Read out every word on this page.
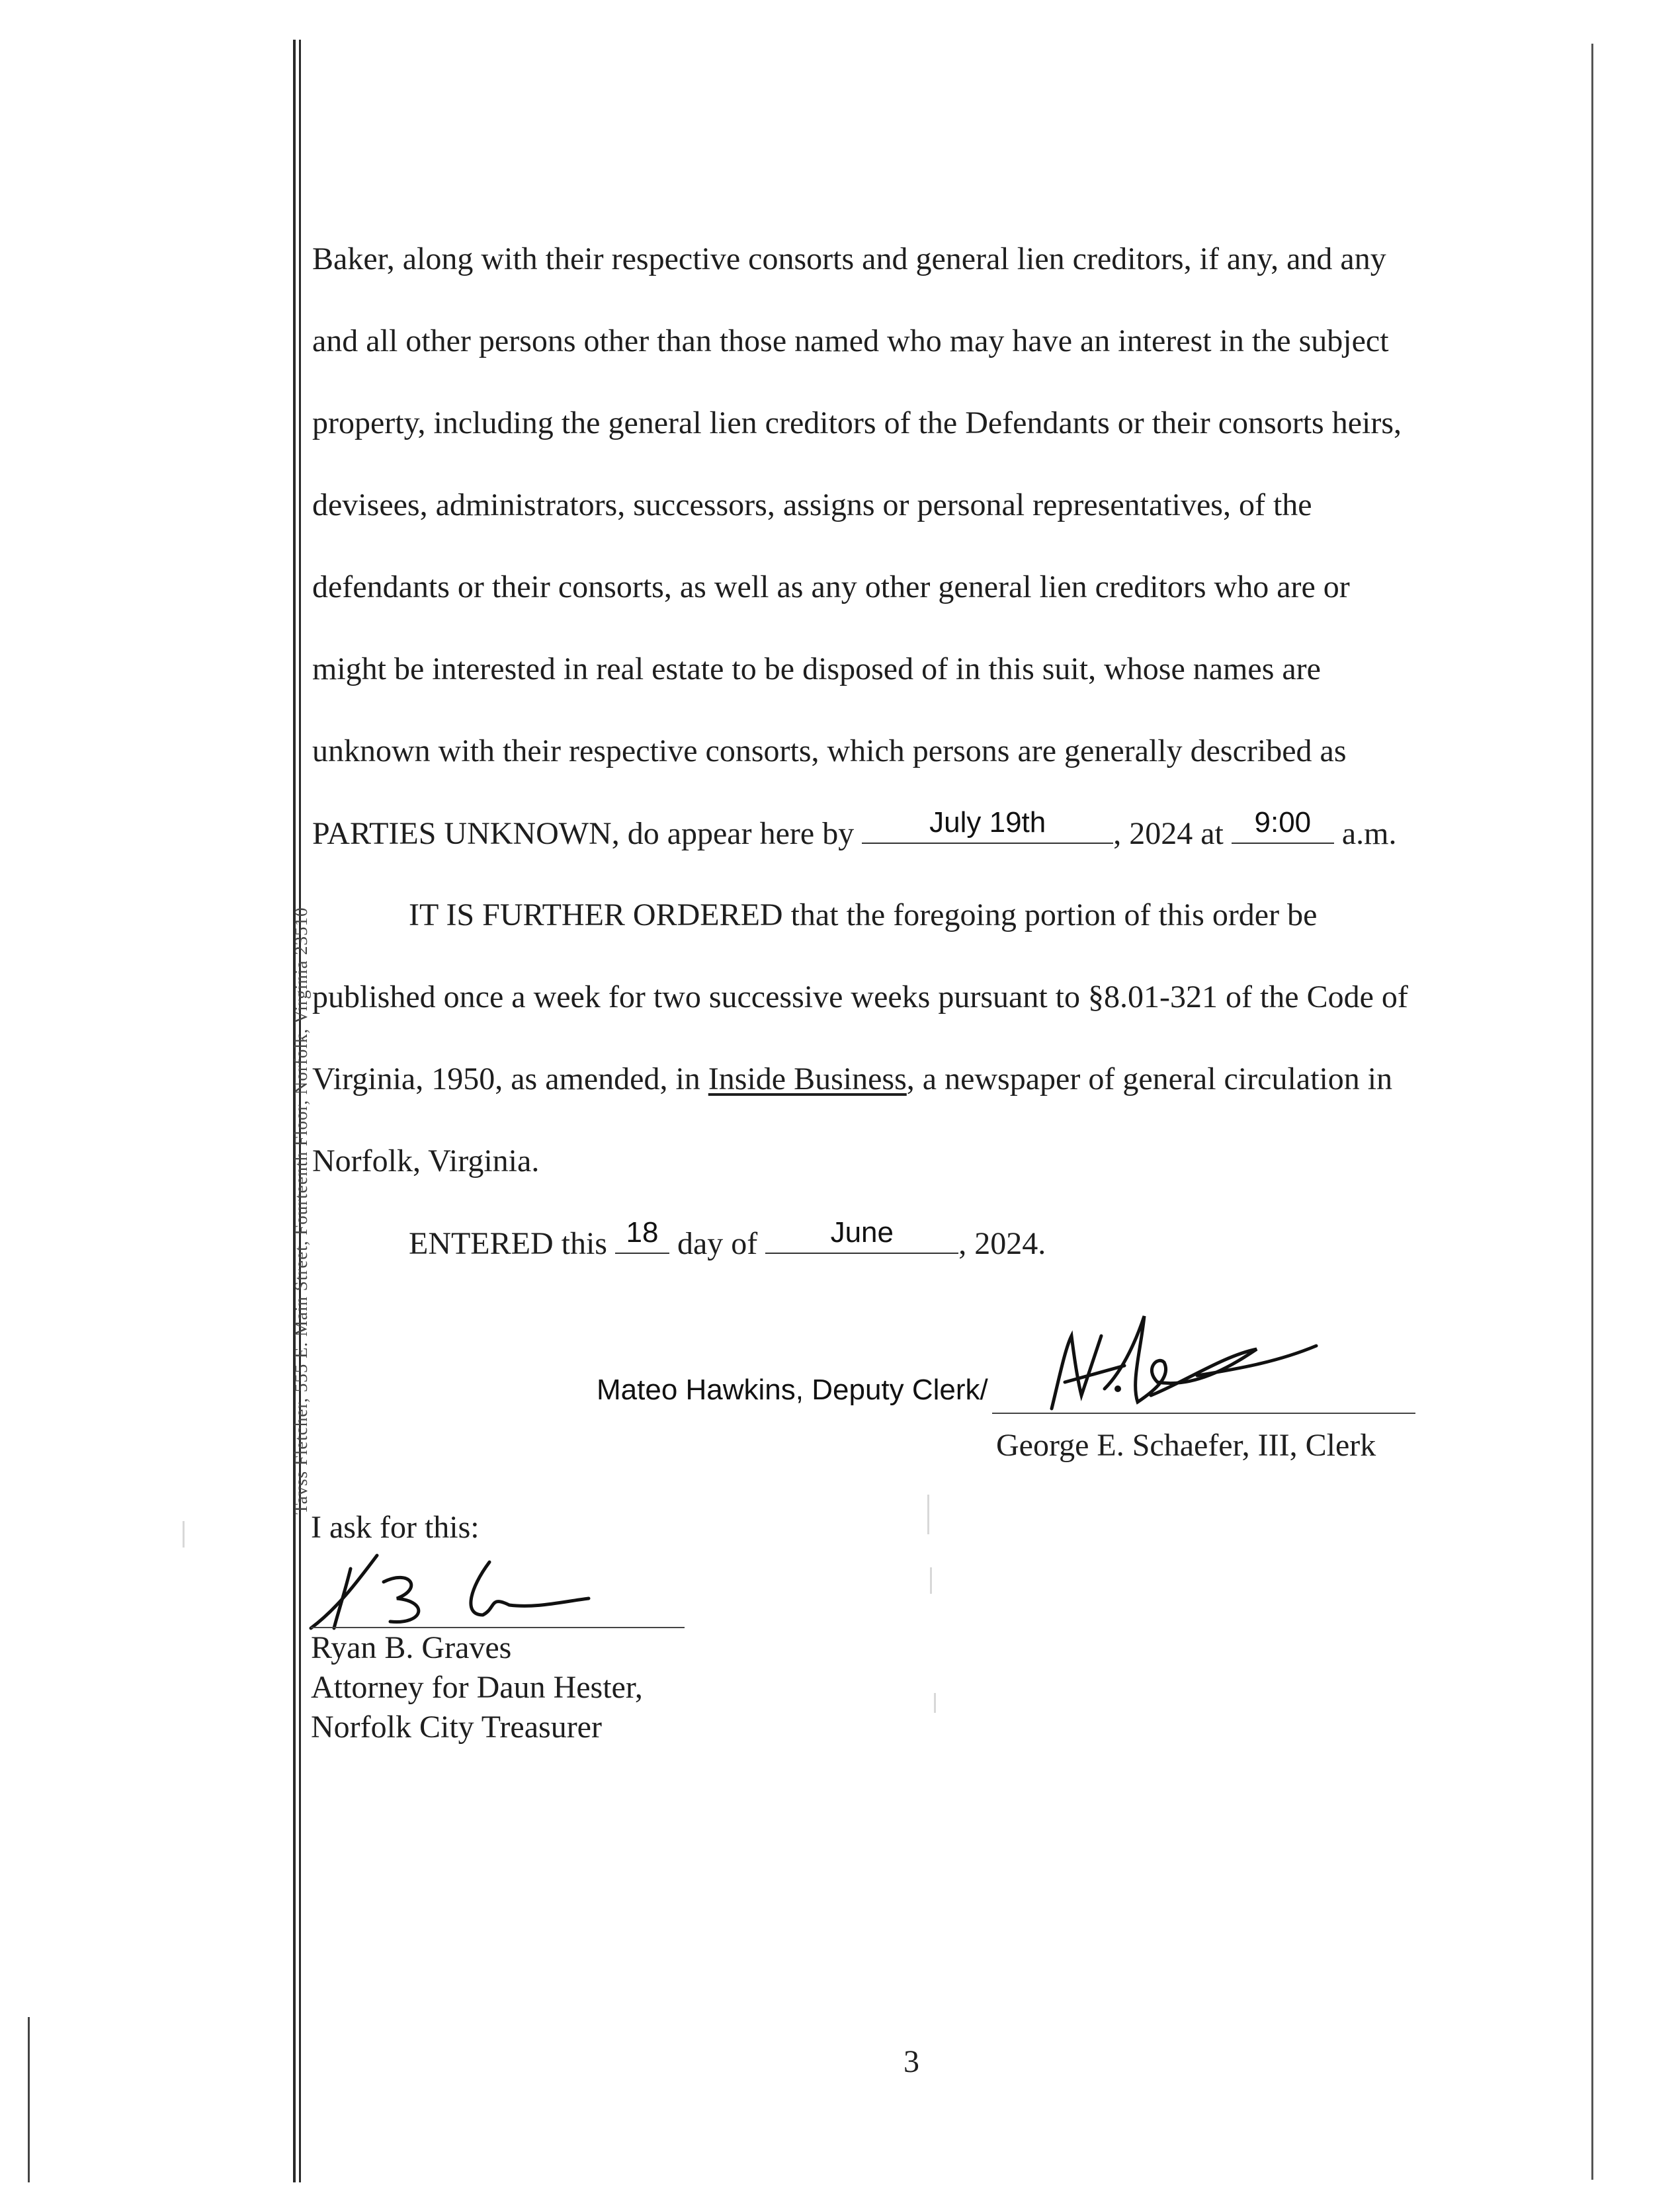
Tavss Fletcher, 555 E. Main Street, Fourteenth Floor, Norfolk, Virginia 23510
Baker, along with their respective consorts and general lien creditors, if any, and any
and all other persons other than those named who may have an interest in the subject
property, including the general lien creditors of the Defendants or their consorts heirs,
devisees, administrators, successors, assigns or personal representatives, of the
defendants or their consorts, as well as any other general lien creditors who are or
might be interested in real estate to be disposed of in this suit, whose names are
unknown with their respective consorts, which persons are generally described as
PARTIES UNKNOWN, do appear here by	July 19th	, 2024 at	9:00 a.m.
IT IS FURTHER ORDERED that the foregoing portion of this order be
published once a week for two successive weeks pursuant to §8.01-321 of the Code of
Virginia, 1950, as amended, in Inside Business, a newspaper of general circulation in
Norfolk, Virginia.
ENTERED this 18 day of	June	, 2024.
Mateo Hawkins, Deputy Clerk/
George E. Schaefer, III, Clerk
I ask for this:
Ryan B. Graves
Attorney for Daun Hester,
Norfolk City Treasurer
3
